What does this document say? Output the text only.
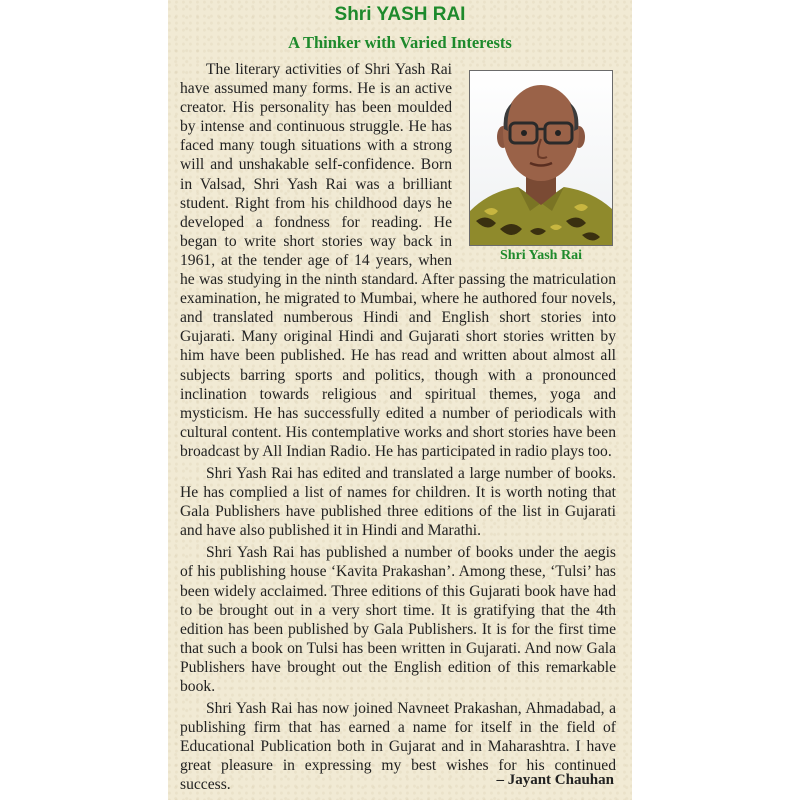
Shri YASH RAI
A Thinker with Varied Interests

The literary activities of Shri Yash Rai have assumed many forms. He is an active creator. His personality has been moulded by intense and continuous struggle. He has faced many tough situations with a strong will and unshakable self-confidence. Born in Valsad, Shri Yash Rai was a brilliant student. Right from his childhood days he developed a fondness for reading. He began to write short stories way back in 1961, at the tender age of 14 years, when he was studying in the ninth standard. After passing the matriculation examination, he migrated to Mumbai, where he authored four novels, and translated numberous Hindi and English short stories into Gujarati. Many original Hindi and Gujarati short stories written by him have been published. He has read and written about almost all subjects barring sports and politics, though with a pronounced inclination towards religious and spiritual themes, yoga and mysticism. He has successfully edited a number of periodicals with cultural content. His contemplative works and short stories have been broadcast by All Indian Radio. He has participated in radio plays too.

Shri Yash Rai has edited and translated a large number of books. He has complied a list of names for children. It is worth noting that Gala Publishers have published three editions of the list in Gujarati and have also published it in Hindi and Marathi.

Shri Yash Rai has published a number of books under the aegis of his publishing house ‘Kavita Prakashan’. Among these, ‘Tulsi’ has been widely acclaimed. Three editions of this Gujarati book have had to be brought out in a very short time. It is gratifying that the 4th edition has been published by Gala Publishers. It is for the first time that such a book on Tulsi has been written in Gujarati. And now Gala Publishers have brought out the English edition of this remarkable book.

Shri Yash Rai has now joined Navneet Prakashan, Ahmadabad, a publishing firm that has earned a name for itself in the field of Educational Publication both in Gujarat and in Maharashtra. I have great pleasure in expressing my best wishes for his continued success.

Shri Yash Rai

– Jayant Chauhan
